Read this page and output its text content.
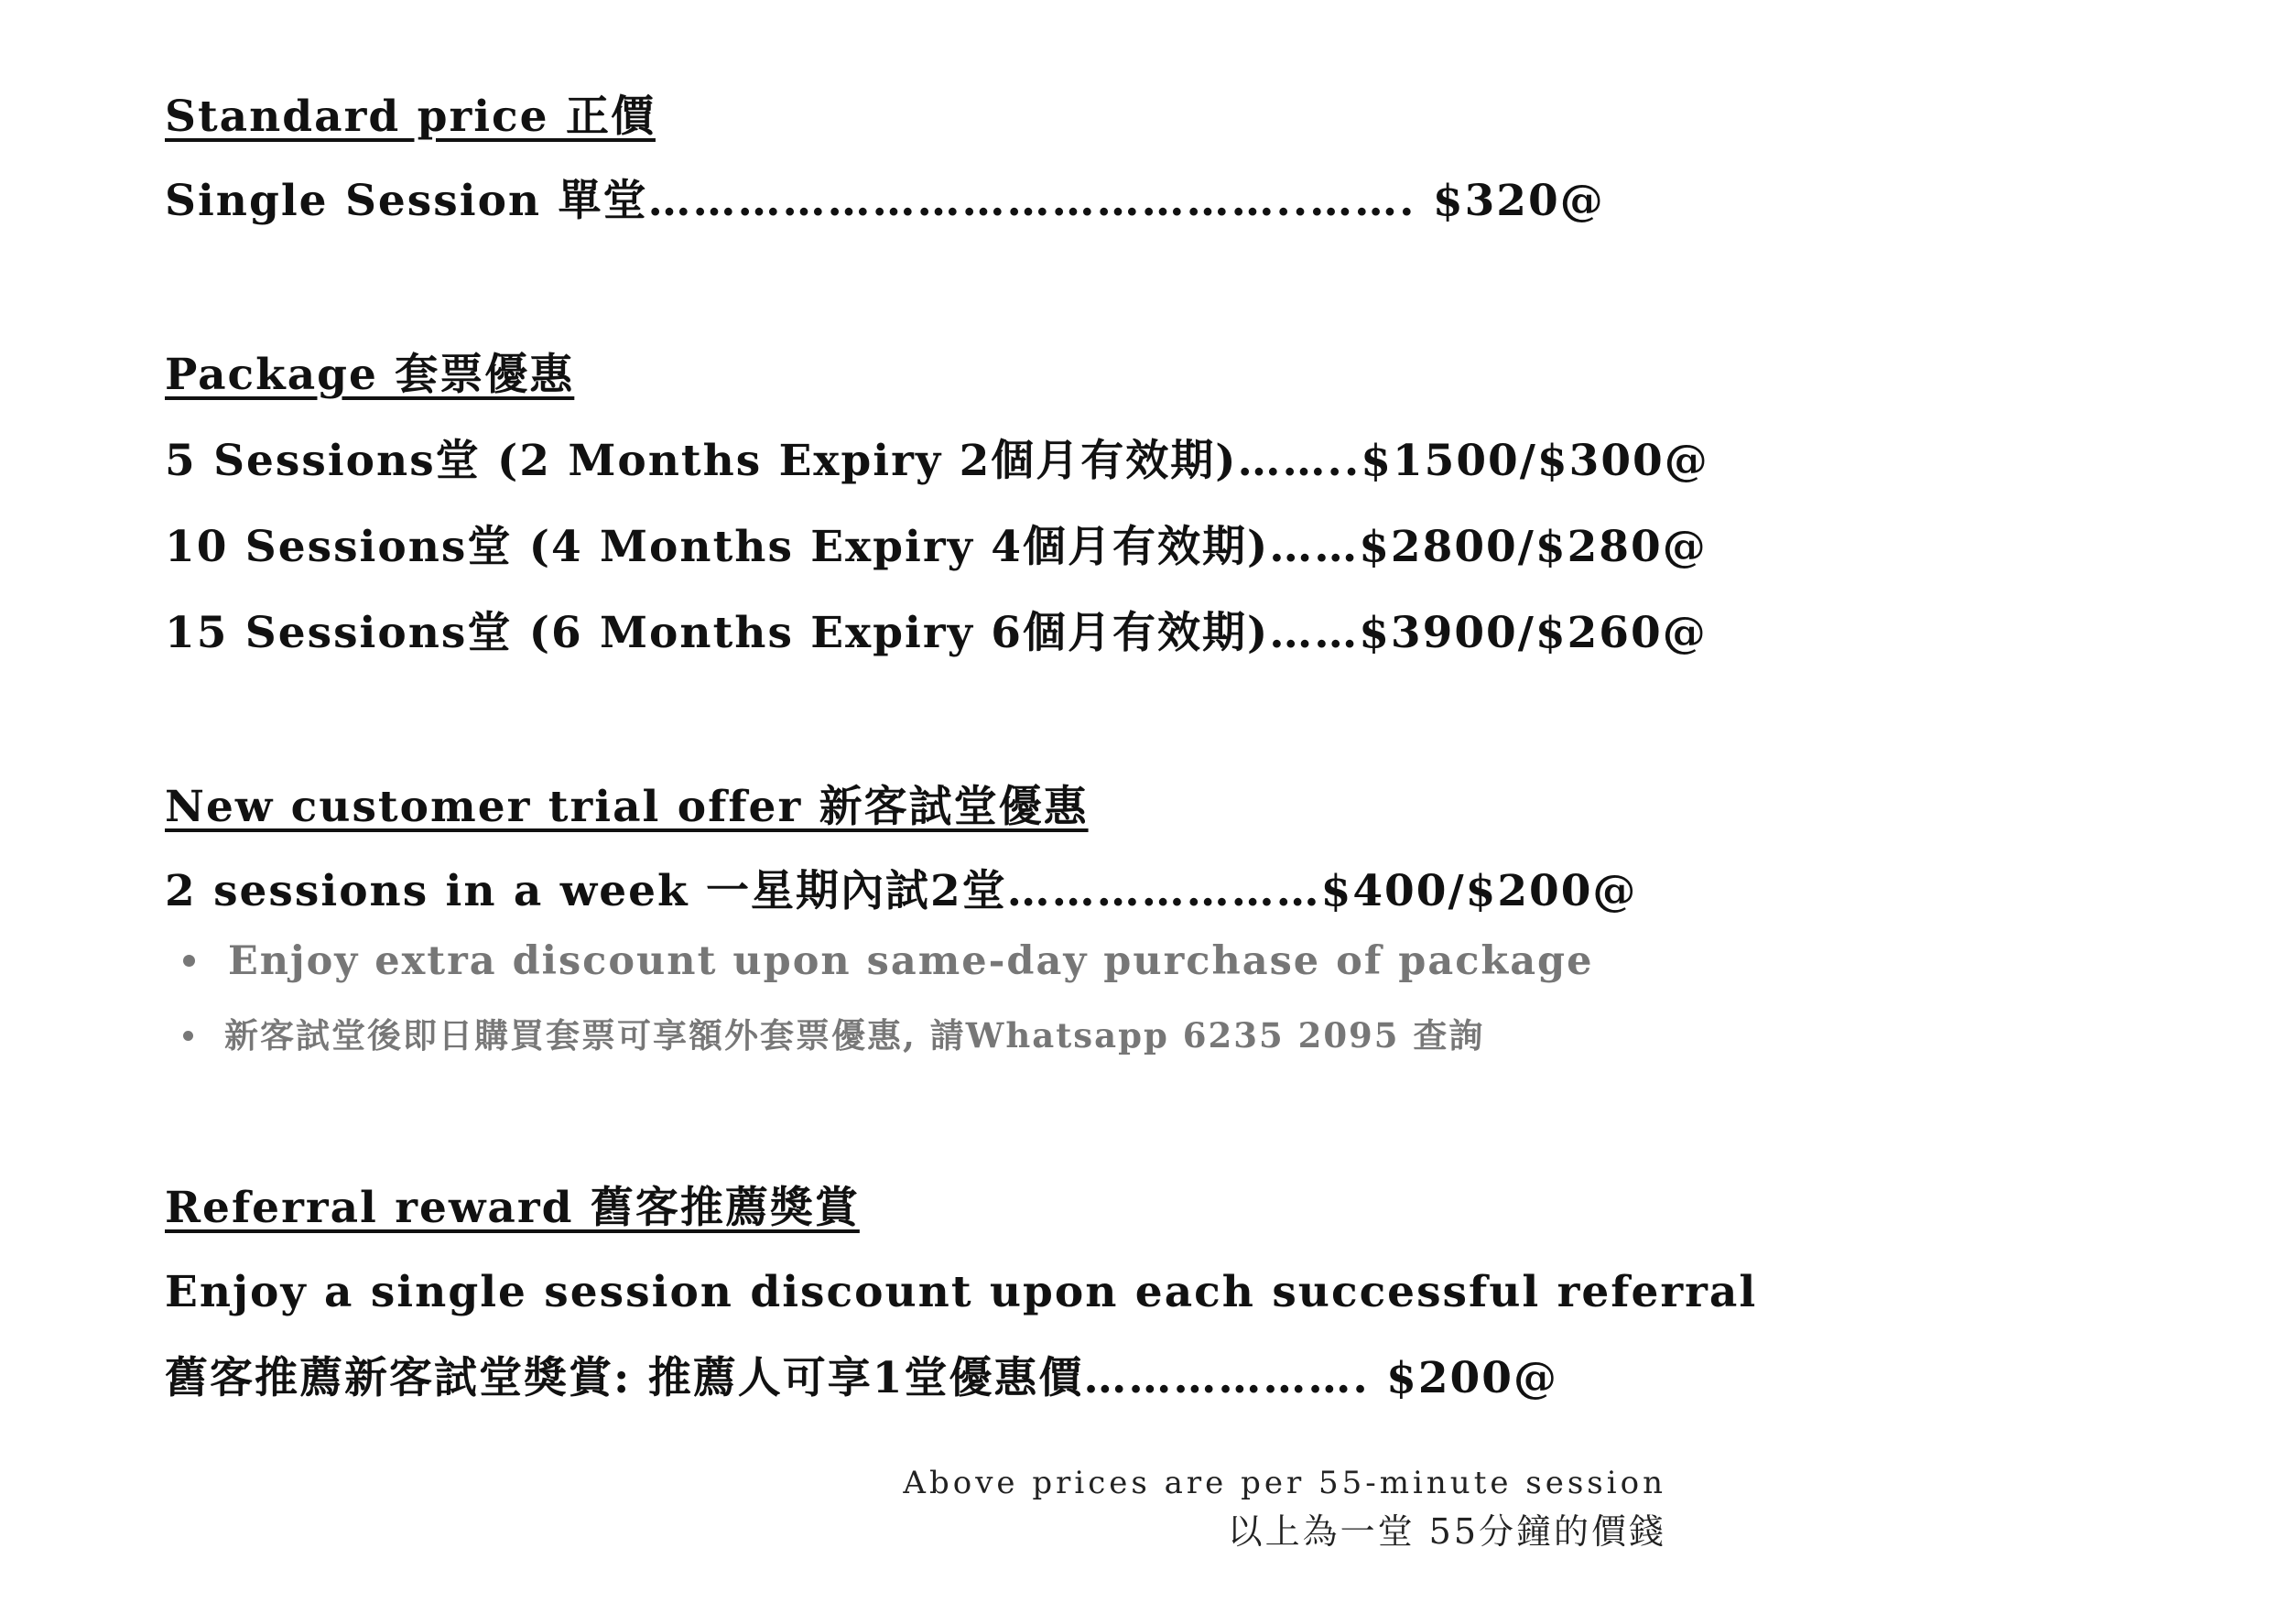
Standard price 正價
Single Session 單堂……………………………………..……. $320@
Package 套票優惠
5 Sessions堂 (2 Months Expiry 2個月有效期)……..$1500/$300@
10 Sessions堂 (4 Months Expiry 4個月有效期)……$2800/$280@
15 Sessions堂 (6 Months Expiry 6個月有效期)……$3900/$260@
New customer trial offer 新客試堂優惠
2 sessions in a week 一星期內試2堂…………………$400/$200@
Enjoy extra discount upon same-day purchase of package
新客試堂後即日購買套票可享額外套票優惠, 請Whatsapp 6235 2095 查詢
Referral reward 舊客推薦獎賞
Enjoy a single session discount upon each successful referral
舊客推薦新客試堂獎賞: 推薦人可享1堂優惠價………………. $200@
Above prices are per 55-minute session
以上為一堂 55分鐘的價錢
